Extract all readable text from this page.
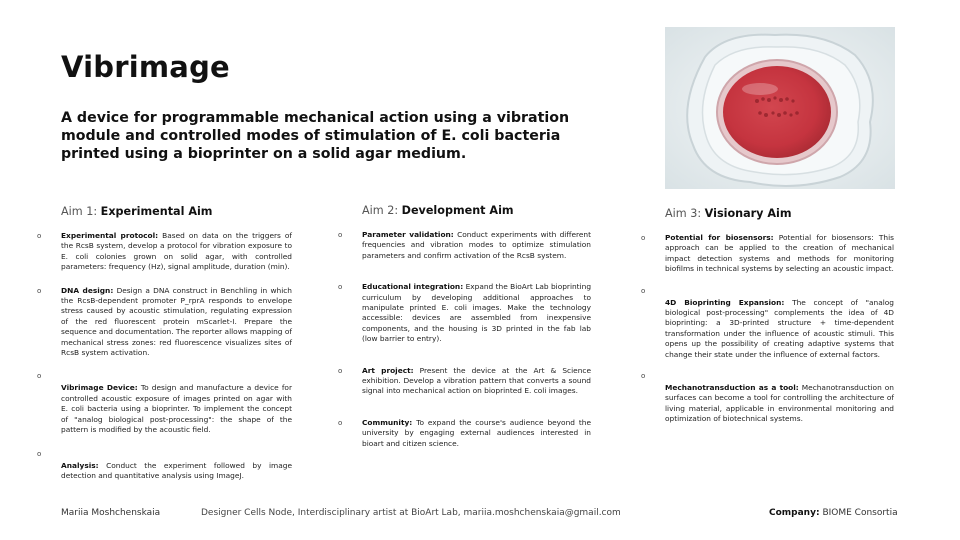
Vibrimage

A device for programmable mechanical action using a vibration module and controlled modes of stimulation of E. coli bacteria printed using a bioprinter on a solid agar medium.

Aim 1: Experimental Aim

o	Experimental protocol: Based on data on the triggers of the RcsB system, develop a protocol for vibration exposure to E. coli colonies grown on solid agar, with controlled parameters: frequency (Hz), signal amplitude, duration (min).
o	DNA design: Design a DNA construct in Benchling in which the RcsB-dependent promoter P_rprA responds to envelope stress caused by acoustic stimulation, regulating expression of the red fluorescent protein mScarlet-I. Prepare the sequence and documentation. The reporter allows mapping of mechanical stress zones: red fluorescence visualizes sites of RcsB system activation.
o
Vibrimage Device: To design and manufacture a device for controlled acoustic exposure of images printed on agar with E. coli bacteria using a bioprinter. To implement the concept of "analog biological post-processing": the shape of the pattern is modified by the acoustic field.
o
Analysis: Conduct the experiment followed by image detection and quantitative analysis using ImageJ.

Aim 2: Development Aim

o	Parameter validation: Conduct experiments with different frequencies and vibration modes to optimize stimulation parameters and confirm activation of the RcsB system.
o	Educational integration: Expand the BioArt Lab bioprinting curriculum by developing additional approaches to manipulate printed E. coli images. Make the technology accessible: devices are assembled from inexpensive components, and the housing is 3D printed in the fab lab (low barrier to entry).
o	Art project: Present the device at the Art & Science exhibition. Develop a vibration pattern that converts a sound signal into mechanical action on bioprinted E. coli images.
o	Community: To expand the course's audience beyond the university by engaging external audiences interested in bioart and citizen science.

Aim 3: Visionary Aim

o	Potential for biosensors: Potential for biosensors: This approach can be applied to the creation of mechanical impact detection systems and methods for monitoring biofilms in technical systems by selecting an acoustic impact.
o
4D Bioprinting Expansion: The concept of "analog biological post-processing" complements the idea of 4D bioprinting: a 3D-printed structure + time-dependent transformation under the influence of acoustic stimuli. This opens up the possibility of creating adaptive systems that change their state under the influence of external factors.
o
Mechanotransduction as a tool: Mechanotransduction on surfaces can become a tool for controlling the architecture of living material, applicable in environmental monitoring and optimization of biotechnical systems.
Mariia Moshchenskaia	Designer Cells Node, Interdisciplinary artist at BioArt Lab, mariia.moshchenskaia@gmail.com	Company: BIOME Consortia
